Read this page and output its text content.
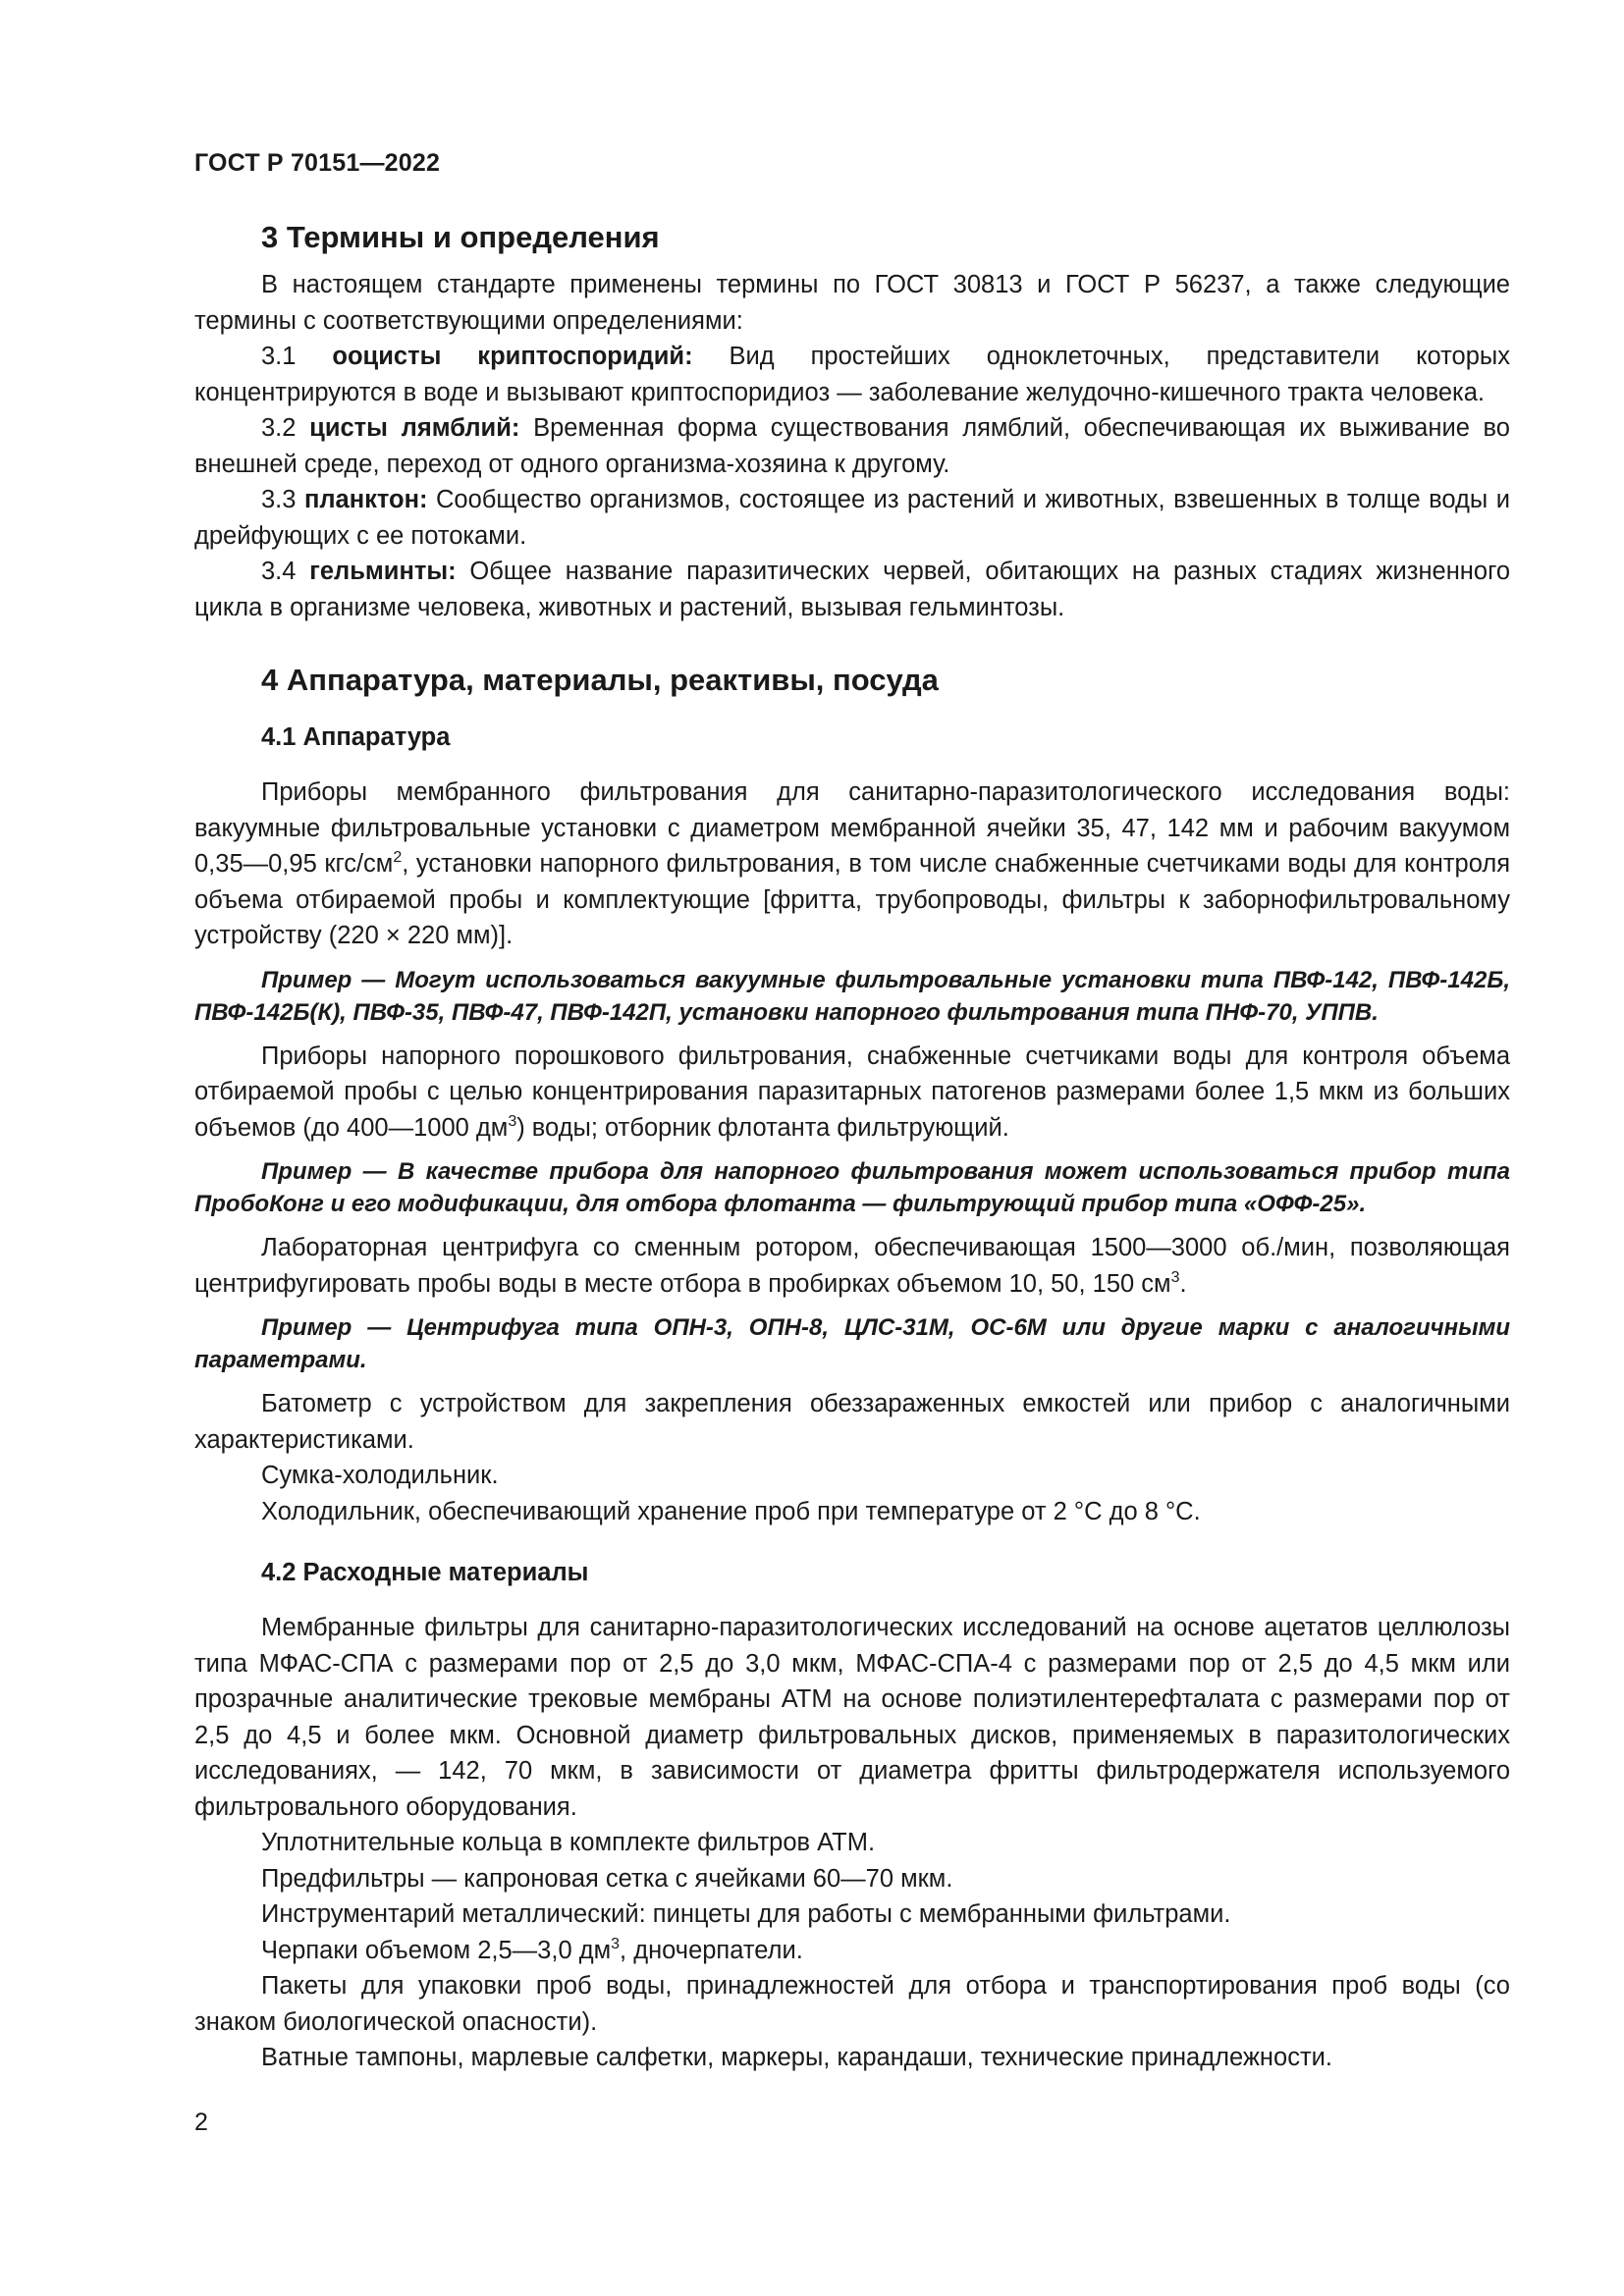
ГОСТ Р 70151—2022
3 Термины и определения

В настоящем стандарте применены термины по ГОСТ 30813 и ГОСТ Р 56237, а также следующие термины с соответствующими определениями:

3.1 ооцисты криптоспоридий: Вид простейших одноклеточных, представители которых концентрируются в воде и вызывают криптоспоридиоз — заболевание желудочно-кишечного тракта человека.

3.2 цисты лямблий: Временная форма существования лямблий, обеспечивающая их выживание во внешней среде, переход от одного организма-хозяина к другому.

3.3 планктон: Сообщество организмов, состоящее из растений и животных, взвешенных в толще воды и дрейфующих с ее потоками.

3.4 гельминты: Общее название паразитических червей, обитающих на разных стадиях жизненного цикла в организме человека, животных и растений, вызывая гельминтозы.

4 Аппаратура, материалы, реактивы, посуда
4.1 Аппаратура

Приборы мембранного фильтрования для санитарно-паразитологического исследования воды: вакуумные фильтровальные установки с диаметром мембранной ячейки 35, 47, 142 мм и рабочим вакуумом 0,35—0,95 кгс/$см^2$, установки напорного фильтрования, в том числе снабженные счетчиками воды для контроля объема отбираемой пробы и комплектующие [фритта, трубопроводы, фильтры к заборнофильтровальному устройству (220 × 220 мм)].

Пример — Могут использоваться вакуумные фильтровальные установки типа ПВФ-142, ПВФ-142Б, ПВФ-142Б(К), ПВФ-35, ПВФ-47, ПВФ-142П, установки напорного фильтрования типа ПНФ-70, УППВ.

Приборы напорного порошкового фильтрования, снабженные счетчиками воды для контроля объема отбираемой пробы с целью концентрирования паразитарных патогенов размерами более 1,5 мкм из больших объемов (до 400—1000 $дм^3$) воды; отборник флотанта фильтрующий.

Пример — В качестве прибора для напорного фильтрования может использоваться прибор типа ПробоКонг и его модификации, для отбора флотанта — фильтрующий прибор типа «ОФФ-25».

Лабораторная центрифуга со сменным ротором, обеспечивающая 1500—3000 об./мин, позволяющая центрифугировать пробы воды в месте отбора в пробирках объемом 10, 50, 150 $см^3$.

Пример — Центрифуга типа ОПН-3, ОПН-8, ЦЛС-31М, ОС-6М или другие марки с аналогичными параметрами.

Батометр с устройством для закрепления обеззараженных емкостей или прибор с аналогичными характеристиками.

Сумка-холодильник.

Холодильник, обеспечивающий хранение проб при температуре от 2 °С до 8 °С.

4.2 Расходные материалы

Мембранные фильтры для санитарно-паразитологических исследований на основе ацетатов целлюлозы типа МФАС-СПА с размерами пор от 2,5 до 3,0 мкм, МФАС-СПА-4 с размерами пор от 2,5 до 4,5 мкм или прозрачные аналитические трековые мембраны АТМ на основе полиэтилентерефталата с размерами пор от 2,5 до 4,5 и более мкм. Основной диаметр фильтровальных дисков, применяемых в паразитологических исследованиях, — 142, 70 мкм, в зависимости от диаметра фритты фильтродержателя используемого фильтровального оборудования.

Уплотнительные кольца в комплекте фильтров АТМ.

Предфильтры — капроновая сетка с ячейками 60—70 мкм.

Инструментарий металлический: пинцеты для работы с мембранными фильтрами.

Черпаки объемом 2,5—3,0 $дм^3$, дночерпатели.

Пакеты для упаковки проб воды, принадлежностей для отбора и транспортирования проб воды (со знаком биологической опасности).

Ватные тампоны, марлевые салфетки, маркеры, карандаши, технические принадлежности.

2
